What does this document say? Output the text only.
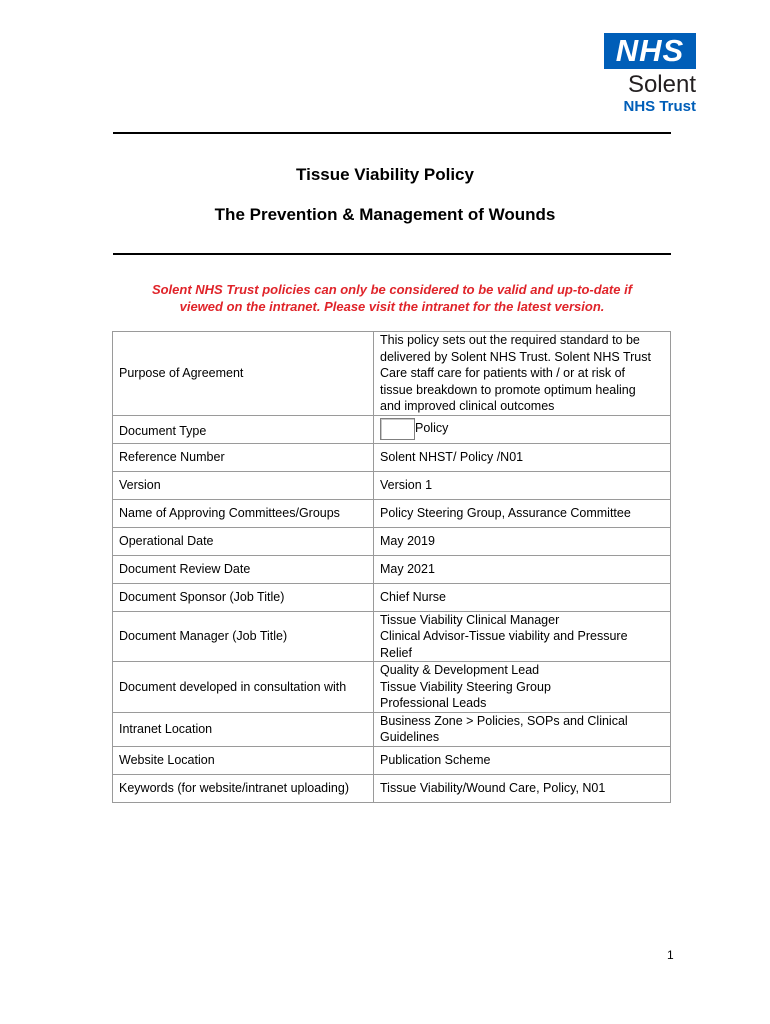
NHS
Solent
NHS Trust
Tissue Viability Policy
The Prevention & Management of Wounds
Solent NHS Trust policies can only be considered to be valid and up-to-date if
viewed on the intranet. Please visit the intranet for the latest version.
Purpose of Agreement	This policy sets out the required standard to be
delivered by Solent NHS Trust. Solent NHS Trust
Care staff care for patients with / or at risk of
tissue breakdown to promote optimum healing
and improved clinical outcomes

Document Type	Policy
Reference Number	Solent NHST/ Policy /N01
Version	Version 1
Name of Approving Committees/Groups	Policy Steering Group, Assurance Committee
Operational Date	May 2019
Document Review Date	May 2021
Document Sponsor (Job Title)	Chief Nurse
Document Manager (Job Title)	Tissue Viability Clinical Manager
Clinical Advisor-Tissue viability and Pressure
Relief

Document developed in consultation with	Quality & Development Lead
Tissue Viability Steering Group
Professional Leads

Intranet Location	Business Zone > Policies, SOPs and Clinical
Guidelines

Website Location	Publication Scheme
Keywords (for website/intranet uploading)	Tissue Viability/Wound Care, Policy, N01
1
